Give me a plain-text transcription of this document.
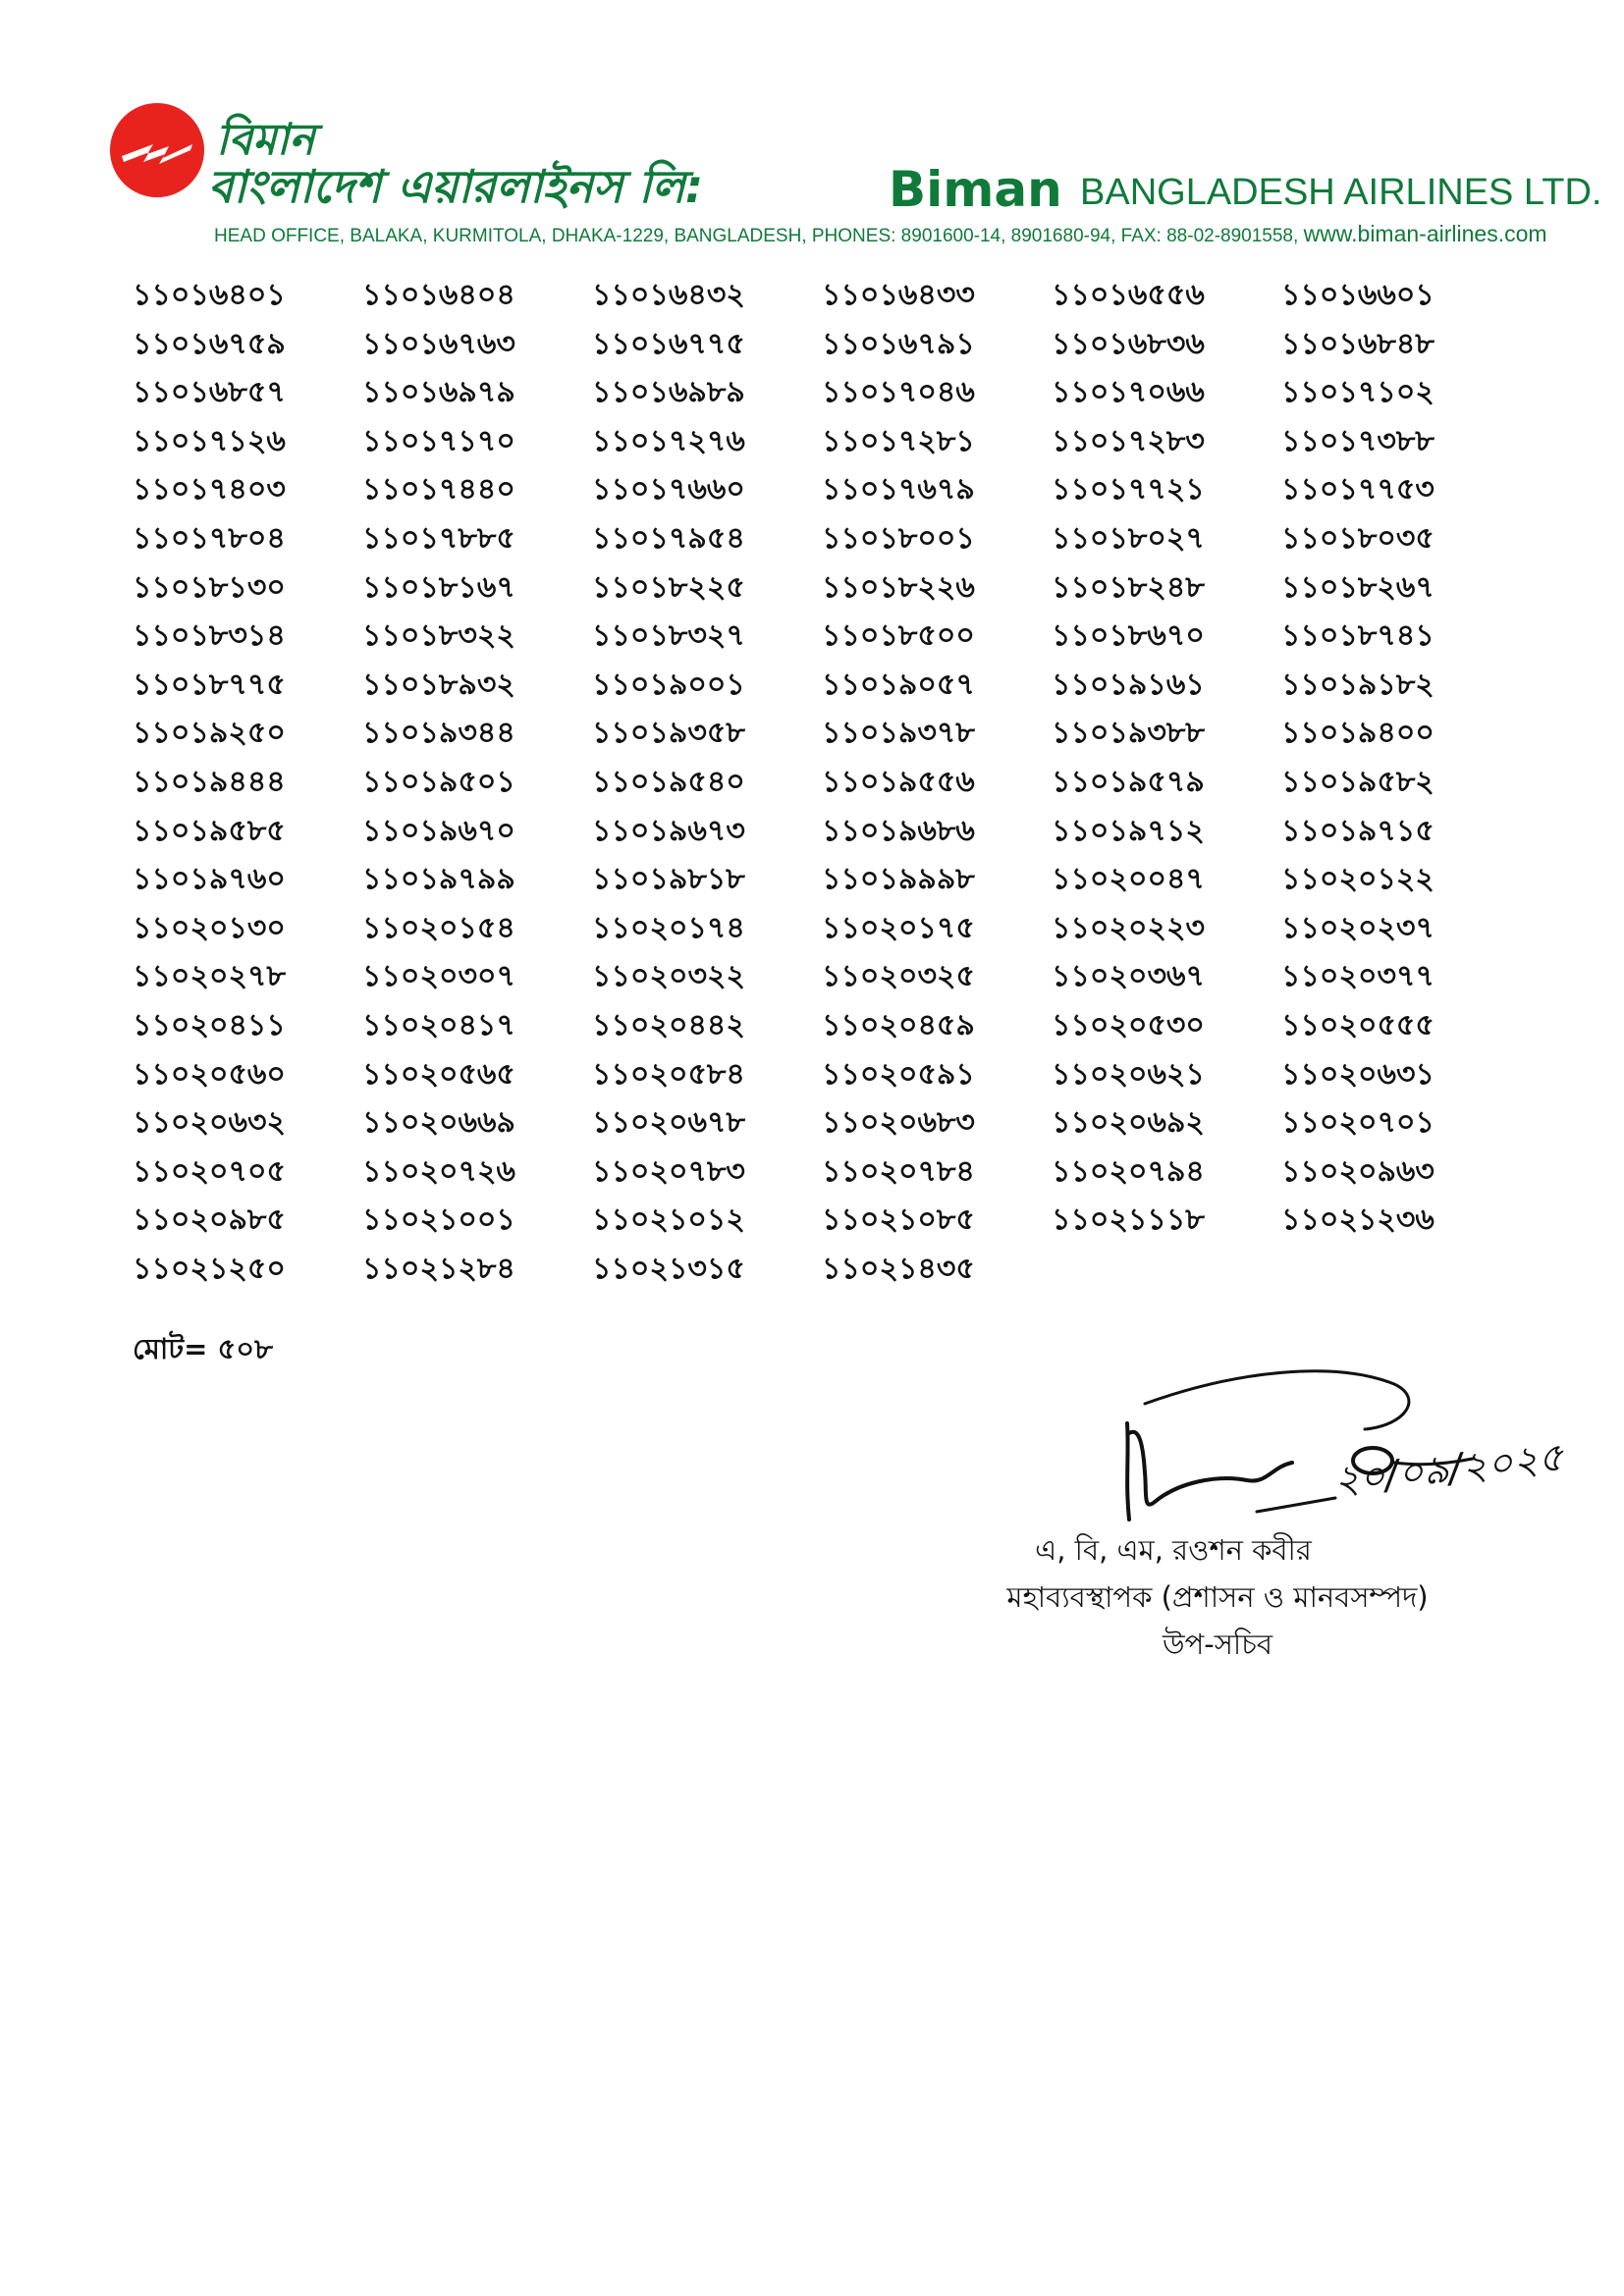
বিমান
বাংলাদেশ এয়ারলাইনস লি:	Biman BANGLADESH AIRLINES LTD.
HEAD OFFICE, BALAKA, KURMITOLA, DHAKA-1229, BANGLADESH, PHONES: 8901600-14, 8901680-94, FAX: 88-02-8901558, www.biman-airlines.com
১১০১৬৪০১	১১০১৬৪০৪	১১০১৬৪৩২	১১০১৬৪৩৩	১১০১৬৫৫৬	১১০১৬৬০১
১১০১৬৭৫৯	১১০১৬৭৬৩	১১০১৬৭৭৫	১১০১৬৭৯১	১১০১৬৮৩৬	১১০১৬৮৪৮
১১০১৬৮৫৭	১১০১৬৯৭৯	১১০১৬৯৮৯	১১০১৭০৪৬	১১০১৭০৬৬	১১০১৭১০২
১১০১৭১২৬	১১০১৭১৭০	১১০১৭২৭৬	১১০১৭২৮১	১১০১৭২৮৩	১১০১৭৩৮৮
১১০১৭৪০৩	১১০১৭৪৪০	১১০১৭৬৬০	১১০১৭৬৭৯	১১০১৭৭২১	১১০১৭৭৫৩
১১০১৭৮০৪	১১০১৭৮৮৫	১১০১৭৯৫৪	১১০১৮০০১	১১০১৮০২৭	১১০১৮০৩৫
১১০১৮১৩০	১১০১৮১৬৭	১১০১৮২২৫	১১০১৮২২৬	১১০১৮২৪৮	১১০১৮২৬৭
১১০১৮৩১৪	১১০১৮৩২২	১১০১৮৩২৭	১১০১৮৫০০	১১০১৮৬৭০	১১০১৮৭৪১
১১০১৮৭৭৫	১১০১৮৯৩২	১১০১৯০০১	১১০১৯০৫৭	১১০১৯১৬১	১১০১৯১৮২
১১০১৯২৫০	১১০১৯৩৪৪	১১০১৯৩৫৮	১১০১৯৩৭৮	১১০১৯৩৮৮	১১০১৯৪০০
১১০১৯৪৪৪	১১০১৯৫০১	১১০১৯৫৪০	১১০১৯৫৫৬	১১০১৯৫৭৯	১১০১৯৫৮২
১১০১৯৫৮৫	১১০১৯৬৭০	১১০১৯৬৭৩	১১০১৯৬৮৬	১১০১৯৭১২	১১০১৯৭১৫
১১০১৯৭৬০	১১০১৯৭৯৯	১১০১৯৮১৮	১১০১৯৯৯৮	১১০২০০৪৭	১১০২০১২২
১১০২০১৩০	১১০২০১৫৪	১১০২০১৭৪	১১০২০১৭৫	১১০২০২২৩	১১০২০২৩৭
১১০২০২৭৮	১১০২০৩০৭	১১০২০৩২২	১১০২০৩২৫	১১০২০৩৬৭	১১০২০৩৭৭
১১০২০৪১১	১১০২০৪১৭	১১০২০৪৪২	১১০২০৪৫৯	১১০২০৫৩০	১১০২০৫৫৫
১১০২০৫৬০	১১০২০৫৬৫	১১০২০৫৮৪	১১০২০৫৯১	১১০২০৬২১	১১০২০৬৩১
১১০২০৬৩২	১১০২০৬৬৯	১১০২০৬৭৮	১১০২০৬৮৩	১১০২০৬৯২	১১০২০৭০১
১১০২০৭০৫	১১০২০৭২৬	১১০২০৭৮৩	১১০২০৭৮৪	১১০২০৭৯৪	১১০২০৯৬৩
১১০২০৯৮৫	১১০২১০০১	১১০২১০১২	১১০২১০৮৫	১১০২১১১৮	১১০২১২৩৬
১১০২১২৫০	১১০২১২৮৪	১১০২১৩১৫	১১০২১৪৩৫
মোট= ৫০৮
২০/০৯/২০২৫
এ, বি, এম, রওশন কবীর
মহাব্যবস্থাপক (প্রশাসন ও মানবসম্পদ)
উপ-সচিব
